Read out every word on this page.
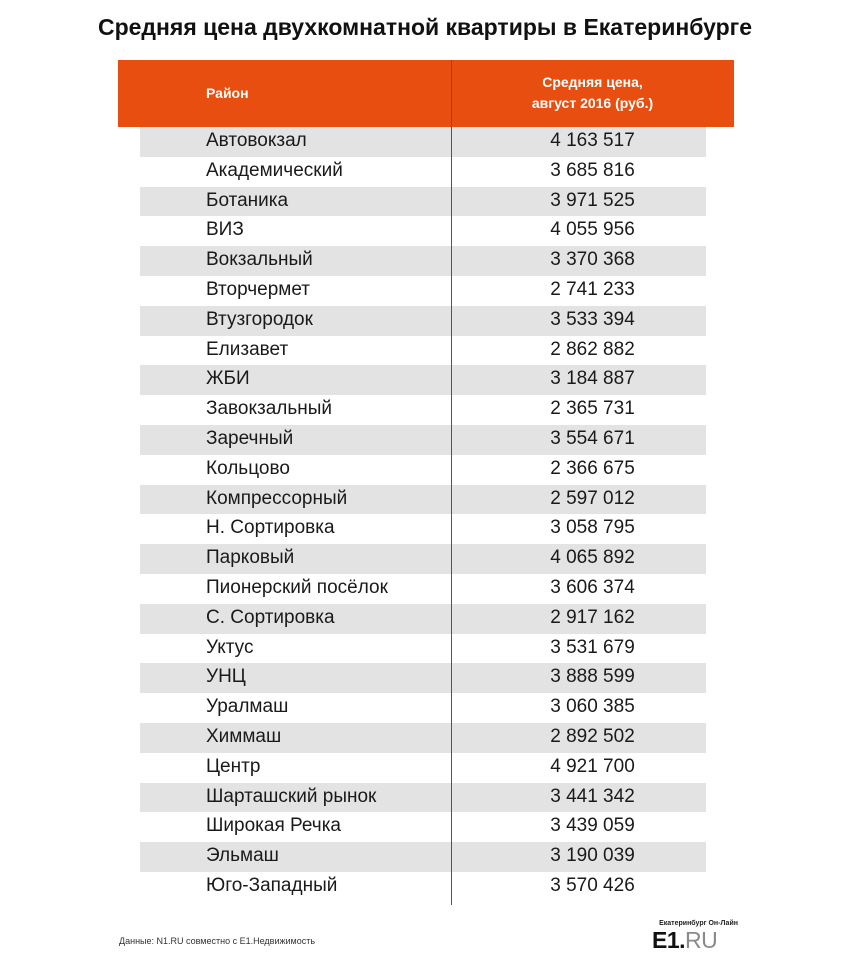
Средняя цена двухкомнатной квартиры в Екатеринбурге
Район
Средняя цена,
август 2016 (руб.)
Автовокзал	4 163 517
Академический	3 685 816
Ботаника	3 971 525
ВИЗ	4 055 956
Вокзальный	3 370 368
Вторчермет	2 741 233
Втузгородок	3 533 394
Елизавет	2 862 882
ЖБИ	3 184 887
Завокзальный	2 365 731
Заречный	3 554 671
Кольцово	2 366 675
Компрессорный	2 597 012
Н. Сортировка	3 058 795
Парковый	4 065 892
Пионерский посёлок	3 606 374
С. Сортировка	2 917 162
Уктус	3 531 679
УНЦ	3 888 599
Уралмаш	3 060 385
Химмаш	2 892 502
Центр	4 921 700
Шарташский рынок	3 441 342
Широкая Речка	3 439 059
Эльмаш	3 190 039
Юго-Западный	3 570 426
Данные: N1.RU совместно с E1.Недвижимость
Екатеринбург Он-Лайн
E1.RU
